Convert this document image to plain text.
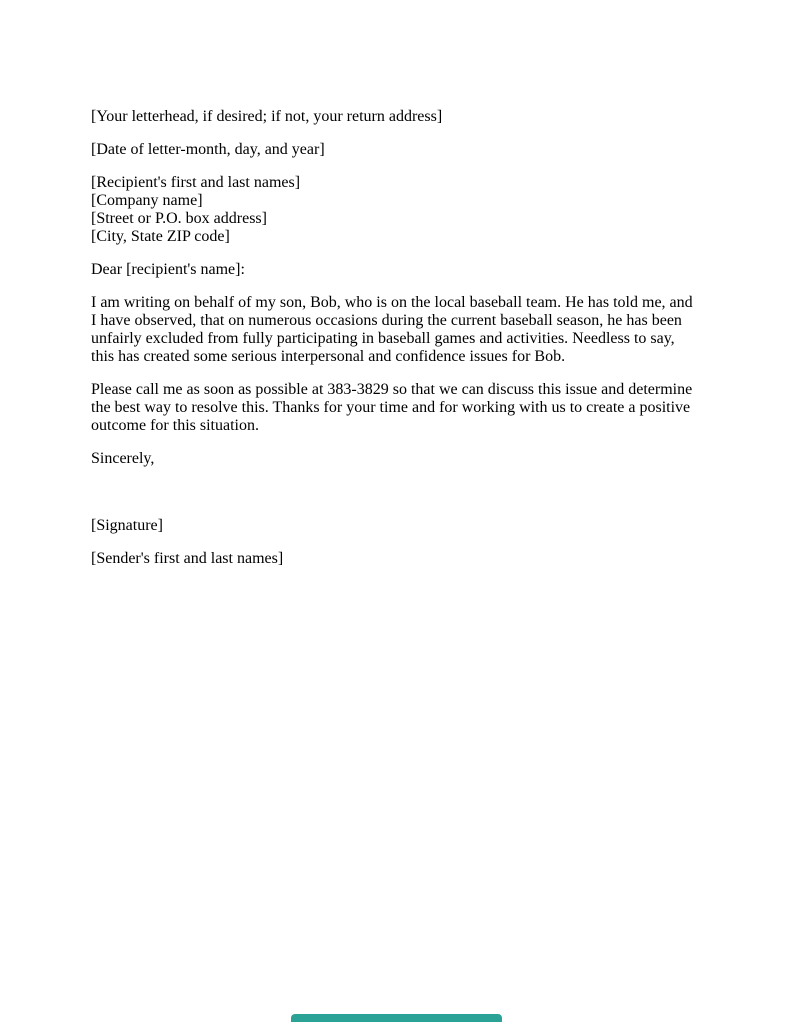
[Your letterhead, if desired; if not, your return address]

[Date of letter-month, day, and year]

[Recipient's first and last names]
[Company name]
[Street or P.O. box address]
[City, State ZIP code]

Dear [recipient's name]:

I am writing on behalf of my son, Bob, who is on the local baseball team. He has told me, and I have observed, that on numerous occasions during the current baseball season, he has been unfairly excluded from fully participating in baseball games and activities. Needless to say, this has created some serious interpersonal and confidence issues for Bob.

Please call me as soon as possible at 383-3829 so that we can discuss this issue and determine the best way to resolve this. Thanks for your time and for working with us to create a positive outcome for this situation.

Sincerely,

[Signature]

[Sender's first and last names]
